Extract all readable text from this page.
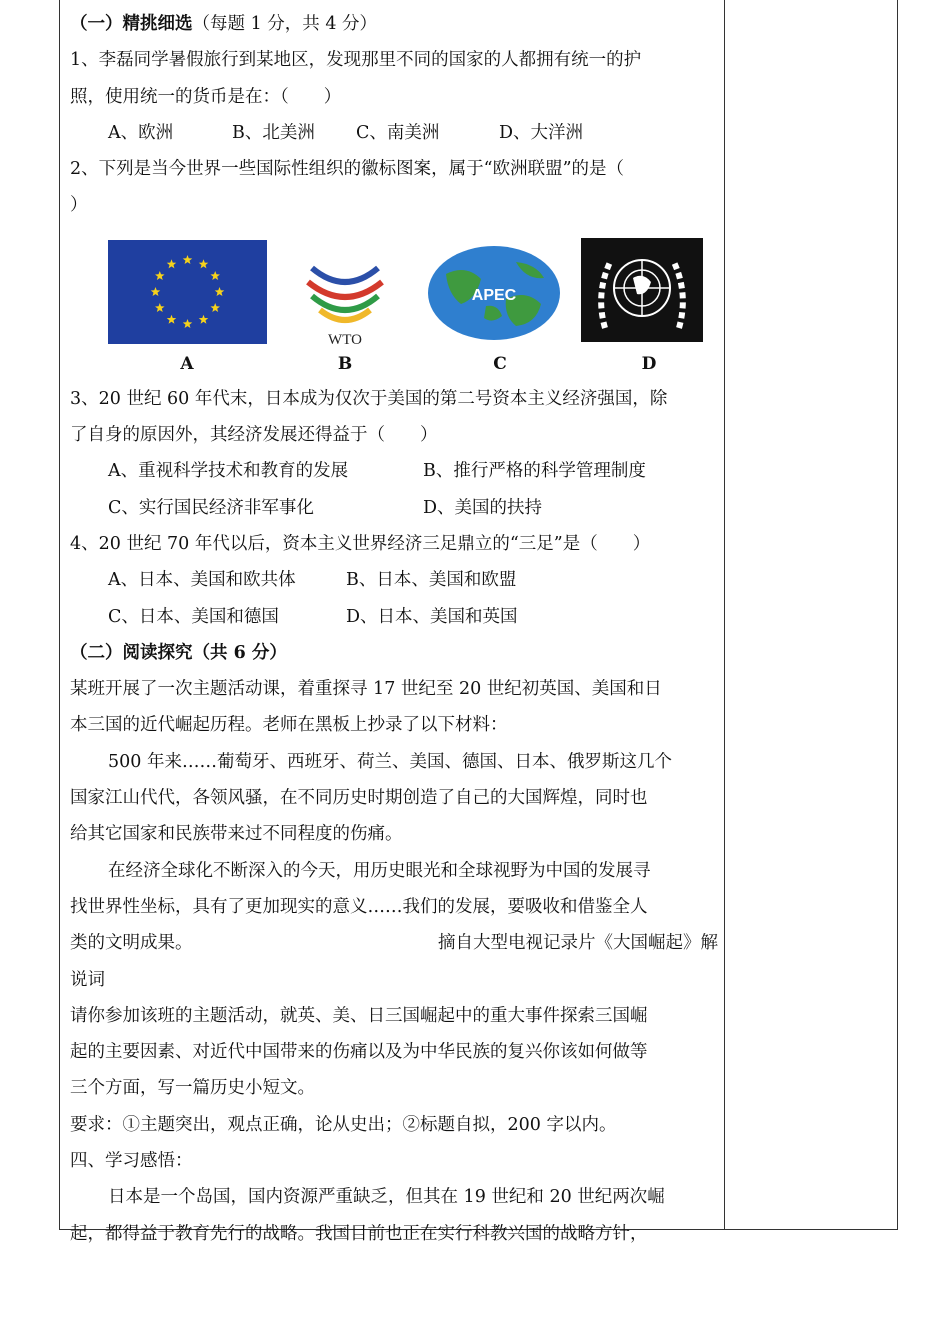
（一）精挑细选（每题 1 分，共 4 分）
1、李磊同学暑假旅行到某地区，发现那里不同的国家的人都拥有统一的护
照，使用统一的货币是在：（　　）
A、欧洲	B、北美洲	C、南美洲	D、大洋洲
2、下列是当今世界一些国际性组织的徽标图案，属于“欧洲联盟”的是（
）
WTO
APEC
A	B	C	D
3、20 世纪 60 年代末，日本成为仅次于美国的第二号资本主义经济强国，除
了自身的原因外，其经济发展还得益于（　　）
A、重视科学技术和教育的发展	B、推行严格的科学管理制度
C、实行国民经济非军事化	D、美国的扶持
4、20 世纪 70 年代以后，资本主义世界经济三足鼎立的“三足”是（　　）
A、日本、美国和欧共体	B、日本、美国和欧盟
C、日本、美国和德国	D、日本、美国和英国
（二）阅读探究（共 6 分）
某班开展了一次主题活动课，着重探寻 17 世纪至 20 世纪初英国、美国和日
本三国的近代崛起历程。老师在黑板上抄录了以下材料：
500 年来……葡萄牙、西班牙、荷兰、美国、德国、日本、俄罗斯这几个
国家江山代代，各领风骚，在不同历史时期创造了自己的大国辉煌，同时也
给其它国家和民族带来过不同程度的伤痛。
在经济全球化不断深入的今天，用历史眼光和全球视野为中国的发展寻
找世界性坐标，具有了更加现实的意义……我们的发展，要吸收和借鉴全人
类的文明成果。	摘自大型电视记录片《大国崛起》解
说词
请你参加该班的主题活动，就英、美、日三国崛起中的重大事件探索三国崛
起的主要因素、对近代中国带来的伤痛以及为中华民族的复兴你该如何做等
三个方面，写一篇历史小短文。
要求：①主题突出，观点正确，论从史出；②标题自拟，200 字以内。
四、学习感悟：
日本是一个岛国，国内资源严重缺乏，但其在 19 世纪和 20 世纪两次崛
起，都得益于教育先行的战略。我国目前也正在实行科教兴国的战略方针，
